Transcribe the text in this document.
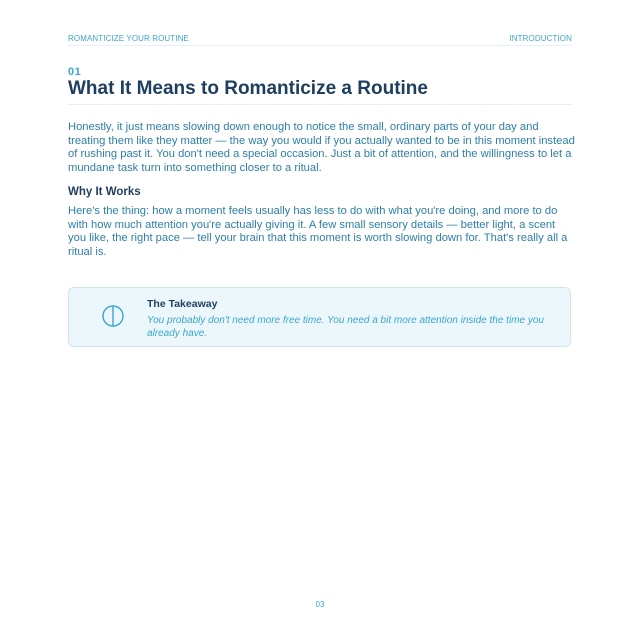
ROMANTICIZE YOUR ROUTINE	INTRODUCTION
01
What It Means to Romanticize a Routine

Honestly, it just means slowing down enough to notice the small, ordinary parts of your day and treating them like they matter — the way you would if you actually wanted to be in this moment instead of rushing past it. You don't need a special occasion. Just a bit of attention, and the willingness to let a mundane task turn into something closer to a ritual.

Why It Works

Here's the thing: how a moment feels usually has less to do with what you're doing, and more to do with how much attention you're actually giving it. A few small sensory details — better light, a scent you like, the right pace — tell your brain that this moment is worth slowing down for. That's really all a ritual is.

The Takeaway

You probably don't need more free time. You need a bit more attention inside the time you already have.

03
